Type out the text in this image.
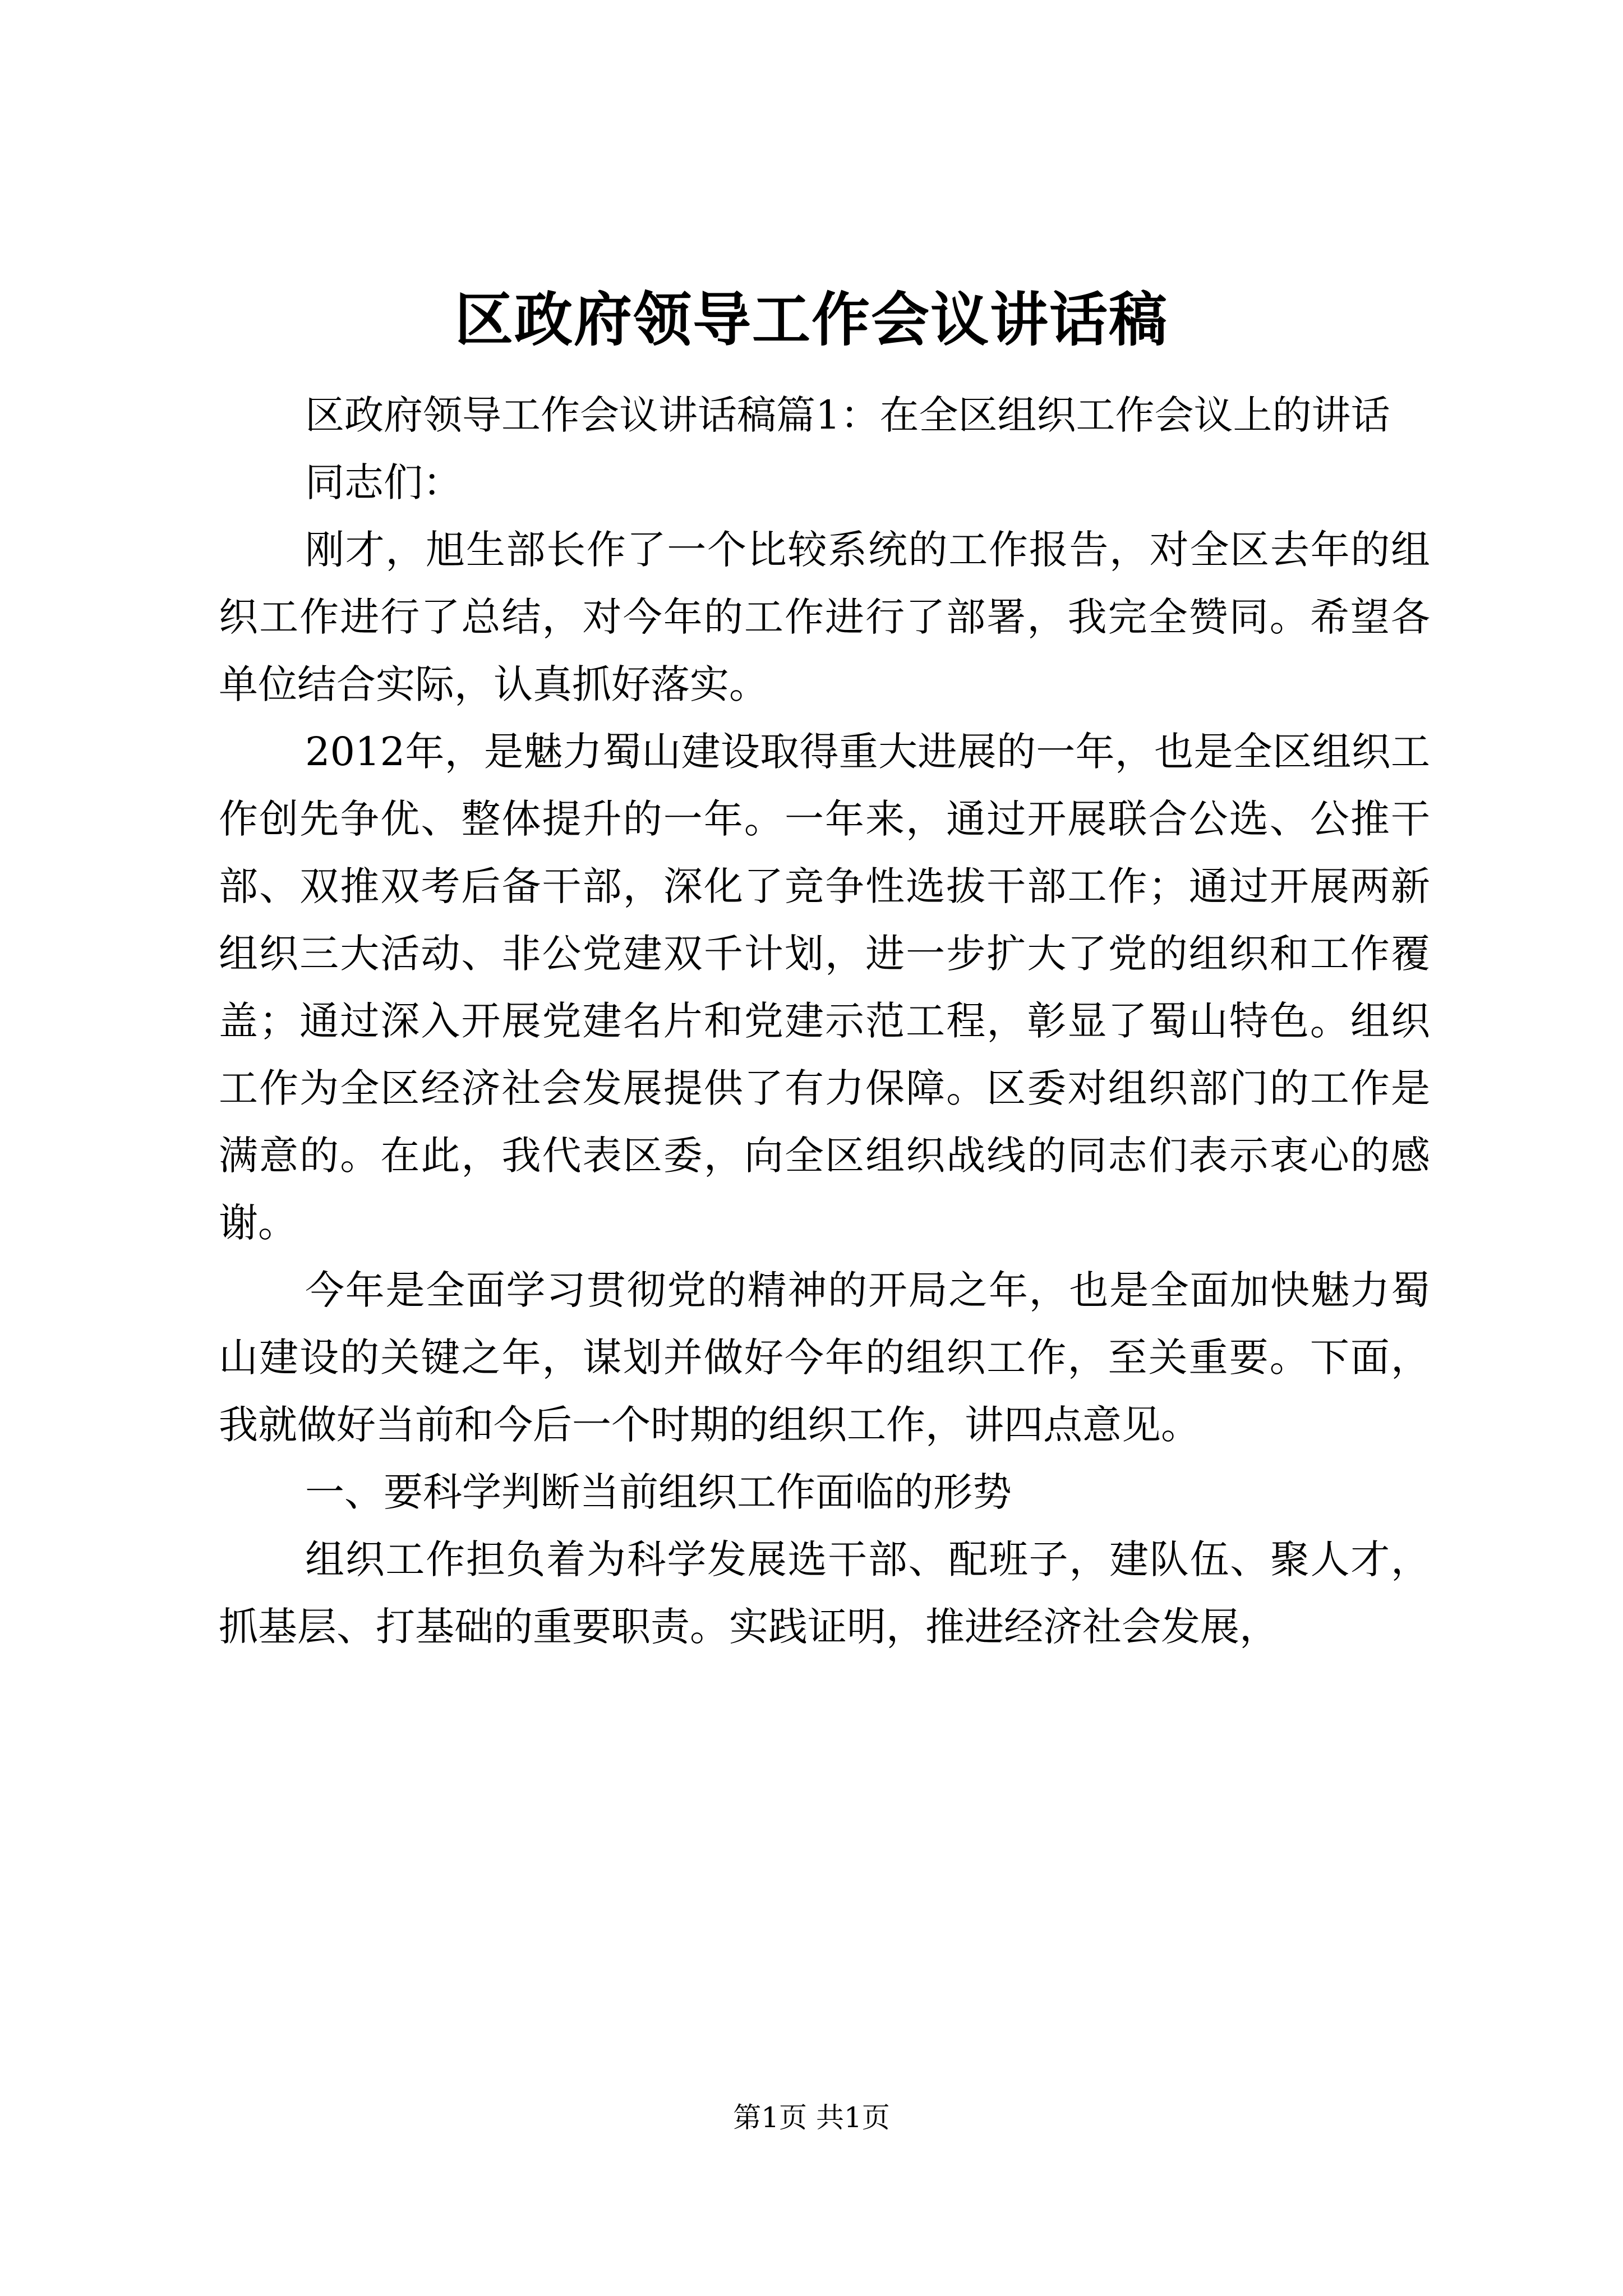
区政府领导工作会议讲话稿

区政府领导工作会议讲话稿篇1：在全区组织工作会议上的讲话

同志们：

刚才，旭生部长作了一个比较系统的工作报告，对全区去年的组织工作进行了总结，对今年的工作进行了部署，我完全赞同。希望各单位结合实际，认真抓好落实。

2012年，是魅力蜀山建设取得重大进展的一年，也是全区组织工作创先争优、整体提升的一年。一年来，通过开展联合公选、公推干部、双推双考后备干部，深化了竞争性选拔干部工作；通过开展两新组织三大活动、非公党建双千计划，进一步扩大了党的组织和工作覆盖；通过深入开展党建名片和党建示范工程，彰显了蜀山特色。组织工作为全区经济社会发展提供了有力保障。区委对组织部门的工作是满意的。在此，我代表区委，向全区组织战线的同志们表示衷心的感谢。

今年是全面学习贯彻党的精神的开局之年，也是全面加快魅力蜀山建设的关键之年，谋划并做好今年的组织工作，至关重要。下面，我就做好当前和今后一个时期的组织工作，讲四点意见。

一、要科学判断当前组织工作面临的形势

组织工作担负着为科学发展选干部、配班子，建队伍、聚人才，抓基层、打基础的重要职责。实践证明，推进经济社会发展，

第1页 共1页
